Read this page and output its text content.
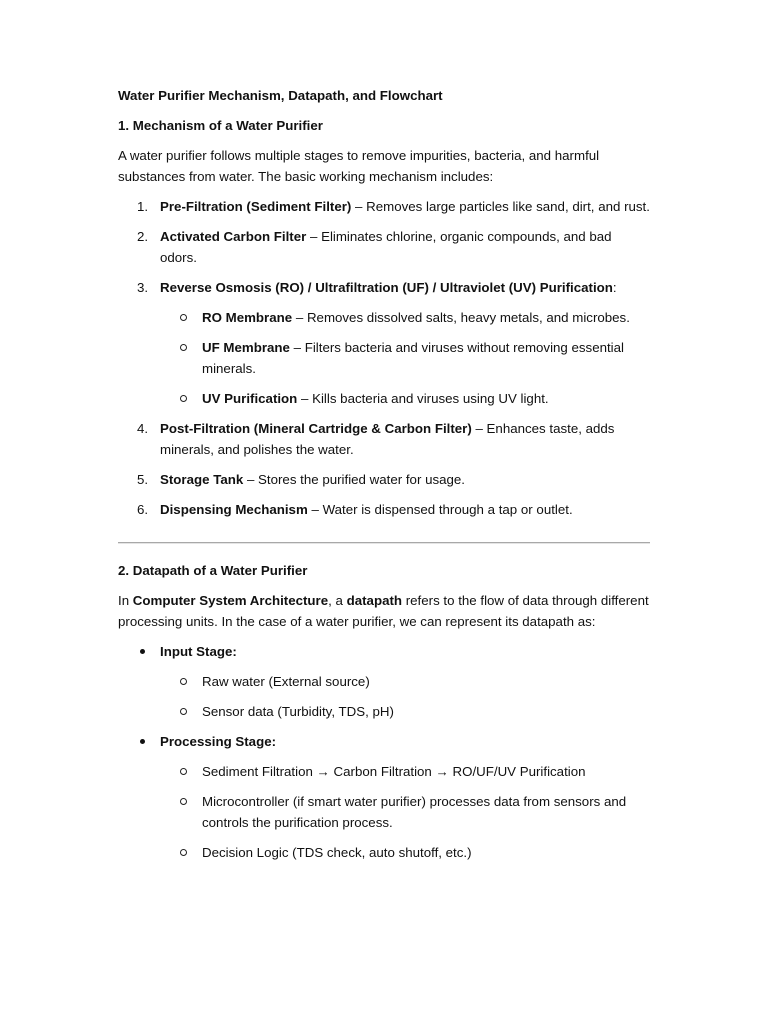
Water Purifier Mechanism, Datapath, and Flowchart

1. Mechanism of a Water Purifier

A water purifier follows multiple stages to remove impurities, bacteria, and harmful substances from water. The basic working mechanism includes:

1. Pre-Filtration (Sediment Filter) – Removes large particles like sand, dirt, and rust.
2. Activated Carbon Filter – Eliminates chlorine, organic compounds, and bad odors.
3. Reverse Osmosis (RO) / Ultrafiltration (UF) / Ultraviolet (UV) Purification:
RO Membrane – Removes dissolved salts, heavy metals, and microbes.
UF Membrane – Filters bacteria and viruses without removing essential minerals.
UV Purification – Kills bacteria and viruses using UV light.
4. Post-Filtration (Mineral Cartridge & Carbon Filter) – Enhances taste, adds minerals, and polishes the water.
5. Storage Tank – Stores the purified water for usage.
6. Dispensing Mechanism – Water is dispensed through a tap or outlet.

2. Datapath of a Water Purifier

In Computer System Architecture, a datapath refers to the flow of data through different processing units. In the case of a water purifier, we can represent its datapath as:

Input Stage:
Raw water (External source)
Sensor data (Turbidity, TDS, pH)
Processing Stage:
Sediment Filtration → Carbon Filtration → RO/UF/UV Purification
Microcontroller (if smart water purifier) processes data from sensors and controls the purification process.
Decision Logic (TDS check, auto shutoff, etc.)
